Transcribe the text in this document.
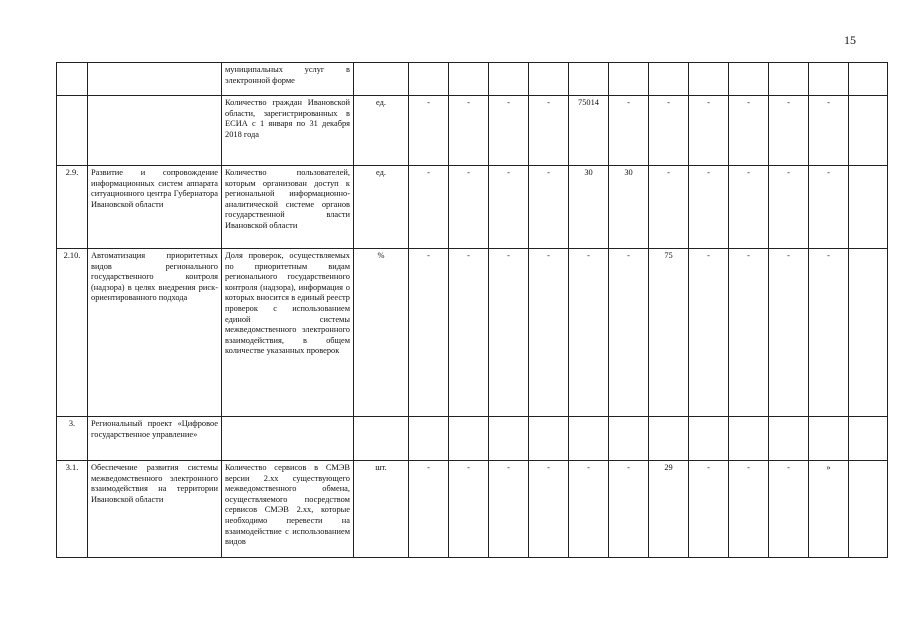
15
		муниципальных услуг в электронной форме													
		Количество граждан Ивановской области, зарегистрированных в ЕСИА с 1 января по 31 декабря 2018 года	ед.	-	-	-	-	75014	-	-	-	-	-	-	
2.9.	Развитие и сопровождение информационных систем аппарата ситуационного центра Губернатора Ивановской области	Количество пользователей, которым организован доступ к региональной информационно-аналитической системе органов государственной власти Ивановской области	ед.	-	-	-	-	30	30	-	-	-	-	-	
2.10.	Автоматизация приоритетных видов регионального государственного контроля (надзора) в целях внедрения риск-ориентированного подхода	Доля проверок, осуществляемых по приоритетным видам регионального государственного контроля (надзора), информация о которых вносится в единый реестр проверок с использованием единой системы межведомственного электронного взаимодействия, в общем количестве указанных проверок	%	-	-	-	-	-	-	75	-	-	-	-	
3.	Региональный проект «Цифровое государственное управление»														
3.1.	Обеспечение развития системы межведомственного электронного взаимодействия на территории Ивановской области	Количество сервисов в СМЭВ версии 2.xx существующего межведомственного обмена, осуществляемого посредством сервисов СМЭВ 2.xx, которые необходимо перевести на взаимодействие с использованием видов	шт.	-	-	-	-	-	-	29	-	-	-	»	
